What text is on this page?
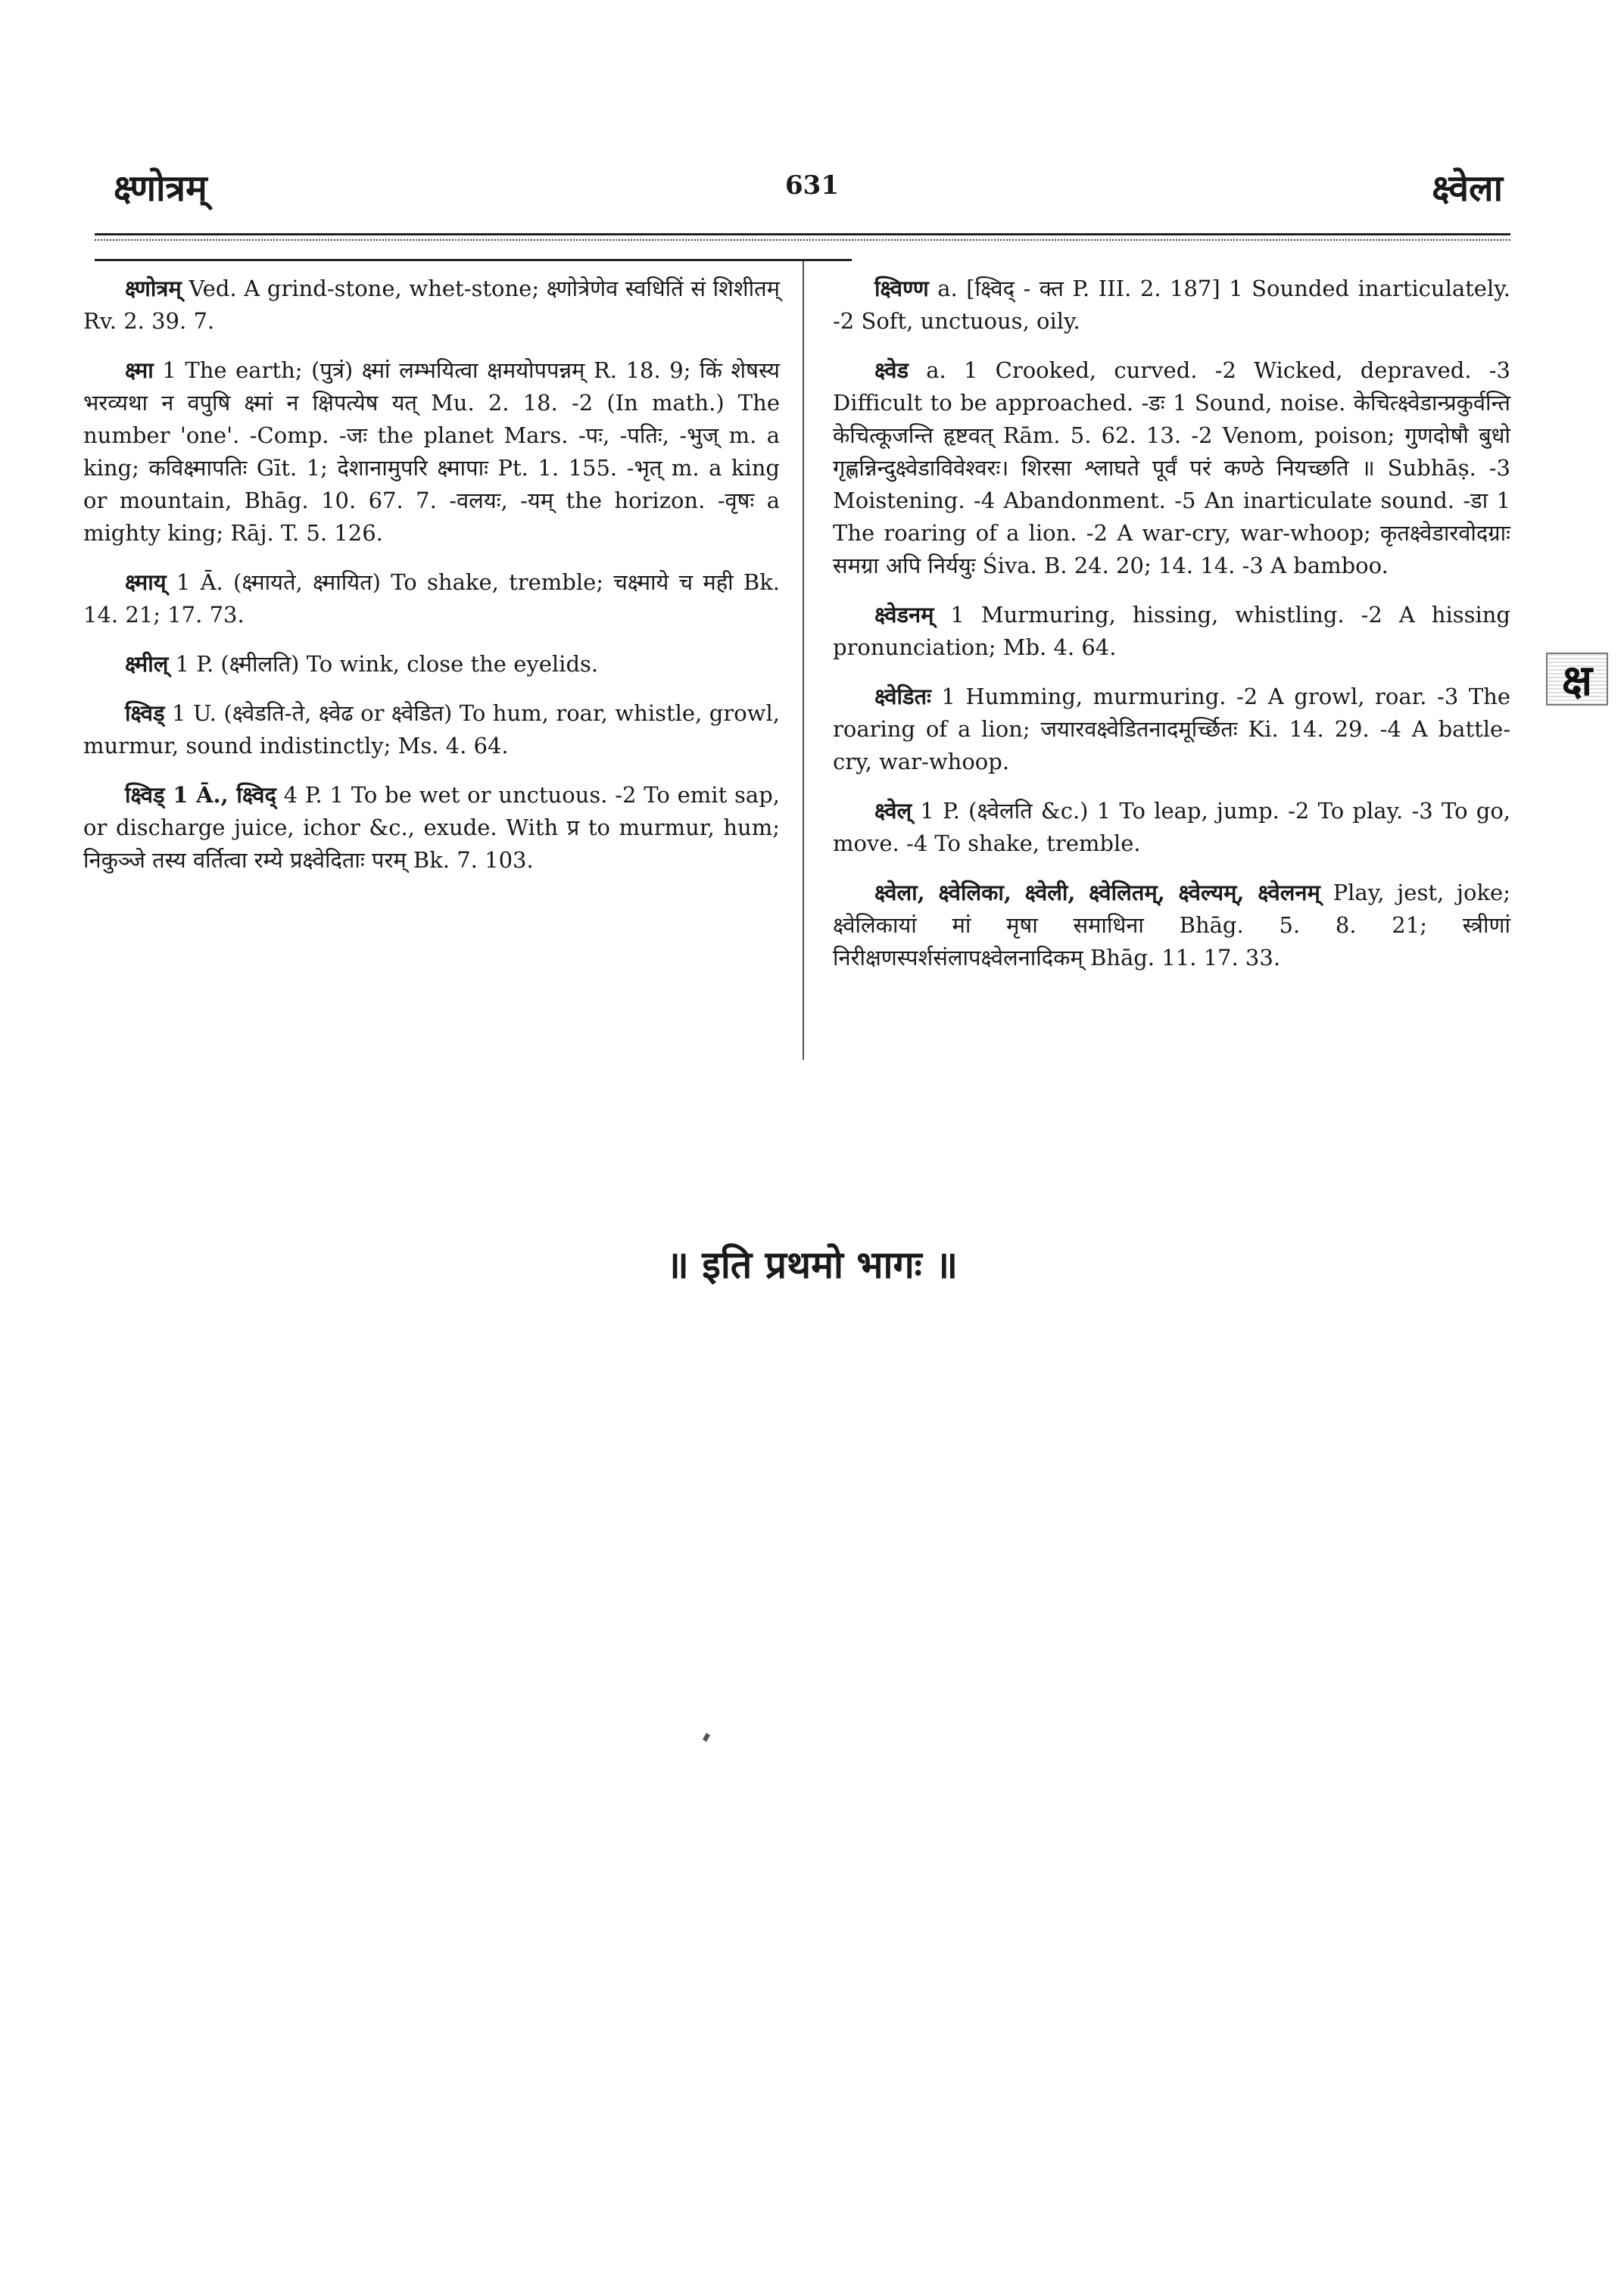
क्ष्णोत्रम्	631	क्ष्वेला

क्ष्णोत्रम् Ved. A grind-stone, whet-stone; क्ष्णोत्रेणेव स्वधितिं सं शिशीतम् Rv. 2. 39. 7.

क्ष्मा 1 The earth; (पुत्रं) क्ष्मां लम्भयित्वा क्षमयोपपन्नम् R. 18. 9; किं शेषस्य भरव्यथा न वपुषि क्ष्मां न क्षिपत्येष यत् Mu. 2. 18. -2 (In math.) The number 'one'. -Comp. -जः the planet Mars. -पः, -पतिः, -भुज् m. a king; कविक्ष्मापतिः Gīt. 1; देशानामुपरि क्ष्मापाः Pt. 1. 155. -भृत् m. a king or mountain, Bhāg. 10. 67. 7. -वलयः, -यम् the horizon. -वृषः a mighty king; Rāj. T. 5. 126.

क्ष्माय् 1 Ā. (क्ष्मायते, क्ष्मायित) To shake, tremble; चक्ष्माये च मही Bk. 14. 21; 17. 73.

क्ष्मील् 1 P. (क्ष्मीलति) To wink, close the eyelids.

क्ष्विड् 1 U. (क्ष्वेडति-ते, क्ष्वेढ or क्ष्वेडित) To hum, roar, whistle, growl, murmur, sound indistinctly; Ms. 4. 64.

क्ष्विड् 1 Ā., क्ष्विद् 4 P. 1 To be wet or unctuous. -2 To emit sap, or discharge juice, ichor &c., exude. With प्र to murmur, hum; निकुञ्जे तस्य वर्तित्वा रम्ये प्रक्ष्वेदिताः परम् Bk. 7. 103.

क्ष्विण्ण a. [क्ष्विद् - क्त P. III. 2. 187] 1 Sounded inarticulately. -2 Soft, unctuous, oily.

क्ष्वेड a. 1 Crooked, curved. -2 Wicked, depraved. -3 Difficult to be approached. -डः 1 Sound, noise. केचित्क्ष्वेडान्प्रकुर्वन्ति केचित्कूजन्ति हृष्टवत् Rām. 5. 62. 13. -2 Venom, poison; गुणदोषौ बुधो गृह्णन्निन्दुक्ष्वेडाविवेश्वरः। शिरसा श्लाघते पूर्वं परं कण्ठे नियच्छति ॥ Subhāṣ. -3 Moistening. -4 Abandonment. -5 An inarticulate sound. -डा 1 The roaring of a lion. -2 A war-cry, war-whoop; कृतक्ष्वेडारवोदग्राः समग्रा अपि निर्ययुः Śiva. B. 24. 20; 14. 14. -3 A bamboo.

क्ष्वेडनम् 1 Murmuring, hissing, whistling. -2 A hissing pronunciation; Mb. 4. 64.

क्ष्वेडितः 1 Humming, murmuring. -2 A growl, roar. -3 The roaring of a lion; जयारवक्ष्वेडितनादमूर्च्छितः Ki. 14. 29. -4 A battle-cry, war-whoop.

क्ष्वेल् 1 P. (क्ष्वेलति &c.) 1 To leap, jump. -2 To play. -3 To go, move. -4 To shake, tremble.

क्ष्वेला, क्ष्वेलिका, क्ष्वेली, क्ष्वेलितम्, क्ष्वेल्यम्, क्ष्वेलनम् Play, jest, joke; क्ष्वेलिकायां मां मृषा समाधिना Bhāg. 5. 8. 21; स्त्रीणां निरीक्षणस्पर्शसंलापक्ष्वेलनादिकम् Bhāg. 11. 17. 33.

क्ष
॥ इति प्रथमो भागः ॥
